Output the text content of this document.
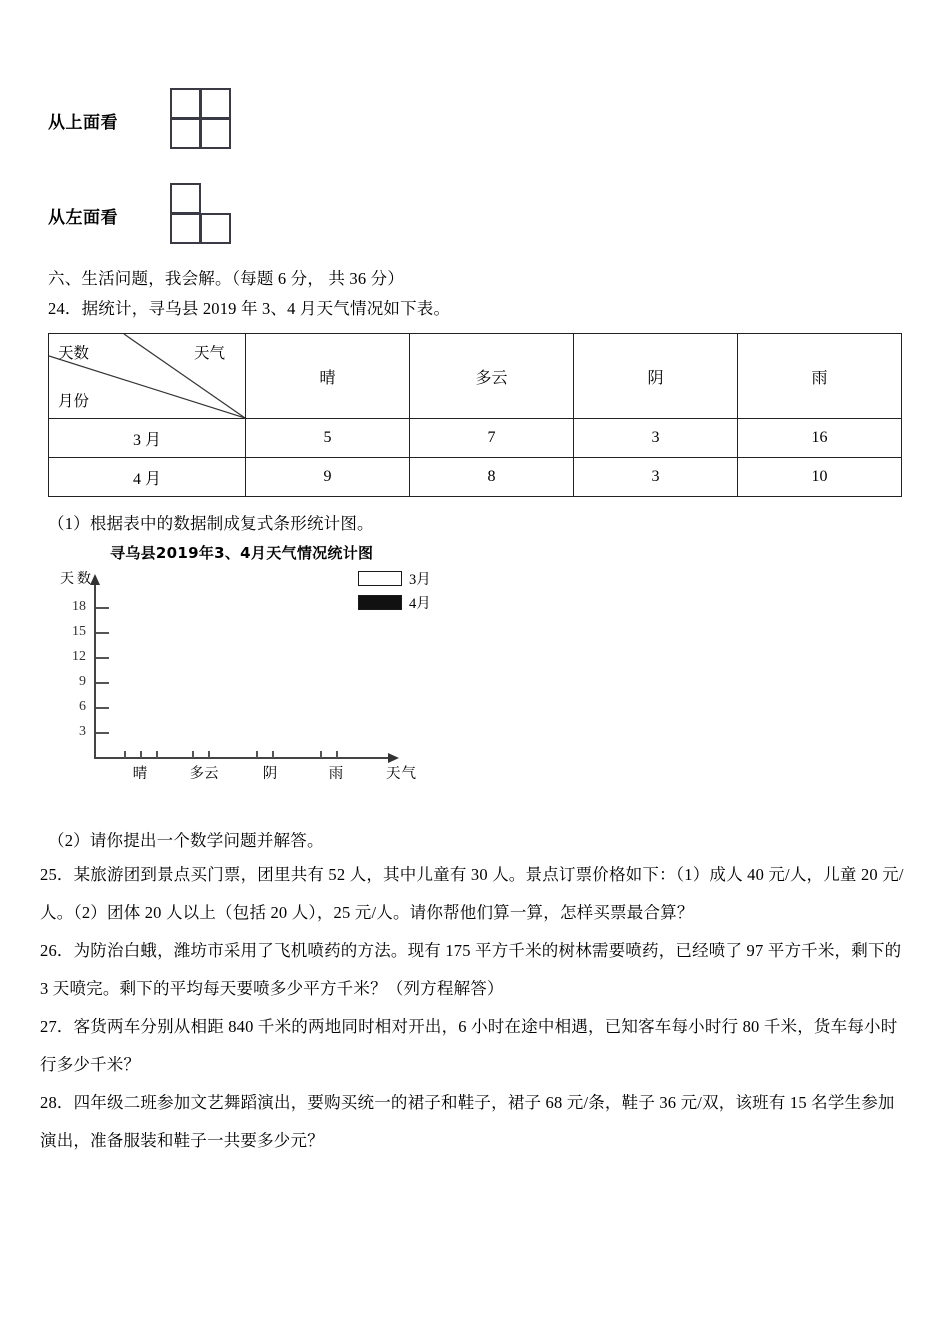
从上面看
从左面看
六、生活问题，我会解。（每题 6 分， 共 36 分）
24．据统计，寻乌县 2019 年 3、4 月天气情况如下表。
天数 天气
月份	晴	多云	阴	雨
3 月	5	7	3	16
4 月	9	8	3	10
（1）根据表中的数据制成复式条形统计图。
寻乌县2019年3、4月天气情况统计图
天数
天气
3月
4月
3
6
9
12
15
18
晴	多云	阴	雨
（2）请你提出一个数学问题并解答。
25．某旅游团到景点买门票，团里共有 52 人，其中儿童有 30 人。景点订票价格如下：（1）成人 40 元/人，儿童 20 元/
人。（2）团体 20 人以上（包括 20 人），25 元/人。请你帮他们算一算，怎样买票最合算？
26．为防治白蛾，潍坊市采用了飞机喷药的方法。现有 175 平方千米的树林需要喷药，已经喷了 97 平方千米，剩下的
3 天喷完。剩下的平均每天要喷多少平方千米？（列方程解答）
27．客货两车分别从相距 840 千米的两地同时相对开出，6 小时在途中相遇，已知客车每小时行 80 千米，货车每小时
行多少千米？
28．四年级二班参加文艺舞蹈演出，要购买统一的裙子和鞋子，裙子 68 元/条，鞋子 36 元/双，该班有 15 名学生参加
演出，准备服装和鞋子一共要多少元？
